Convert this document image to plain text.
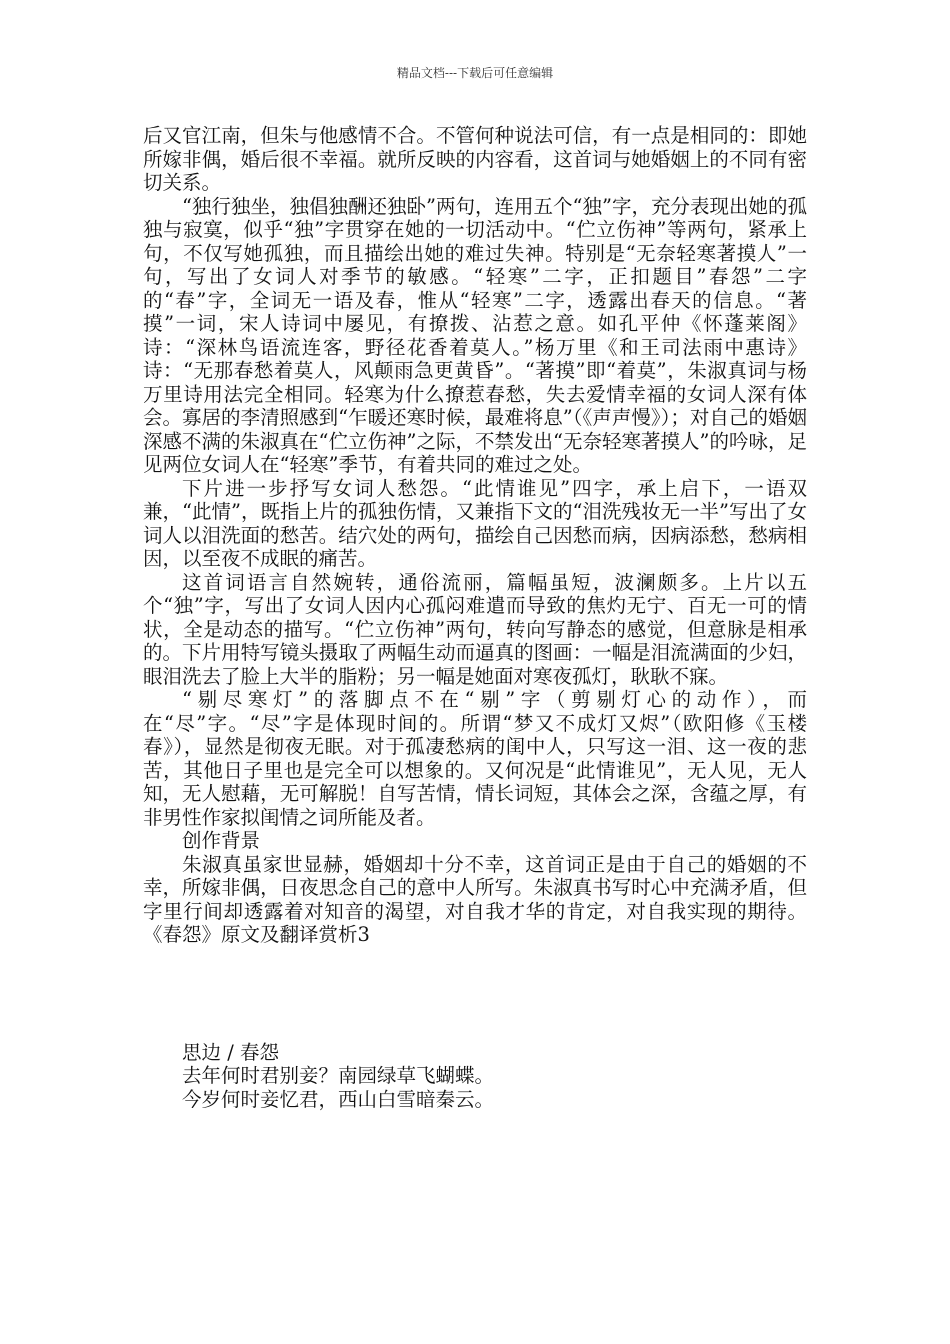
精品文档---下载后可任意编辑

后又官江南，但朱与他感情不合。不管何种说法可信，有一点是相同的：即她所嫁非偶，婚后很不幸福。就所反映的内容看，这首词与她婚姻上的不同有密切关系。

“独行独坐，独倡独酬还独卧”两句，连用五个“独”字，充分表现出她的孤独与寂寞，似乎“独”字贯穿在她的一切活动中。“伫立伤神”等两句，紧承上句，不仅写她孤独，而且描绘出她的难过失神。特别是“无奈轻寒著摸人”一句，写出了女词人对季节的敏感。“轻寒”二字，正扣题目”春怨”二字的“春”字，全词无一语及春，惟从“轻寒”二字，透露出春天的信息。“著摸”一词，宋人诗词中屡见，有撩拨、沾惹之意。如孔平仲《怀蓬莱阁》诗：“深林鸟语流连客，野径花香着莫人。”杨万里《和王司法雨中惠诗》诗：“无那春愁着莫人，风颠雨急更黄昏”。“著摸”即“着莫”，朱淑真词与杨万里诗用法完全相同。轻寒为什么撩惹春愁，失去爱情幸福的女词人深有体会。寡居的李清照感到“乍暖还寒时候，最难将息”（《声声慢》）；对自己的婚姻深感不满的朱淑真在“伫立伤神”之际，不禁发出“无奈轻寒著摸人”的吟咏，足见两位女词人在“轻寒”季节，有着共同的难过之处。

下片进一步抒写女词人愁怨。“此情谁见”四字，承上启下，一语双兼，“此情”，既指上片的孤独伤情，又兼指下文的“泪洗残妆无一半”写出了女词人以泪洗面的愁苦。结穴处的两句，描绘自己因愁而病，因病添愁，愁病相因，以至夜不成眠的痛苦。

这首词语言自然婉转，通俗流丽，篇幅虽短，波澜颇多。上片以五个“独”字，写出了女词人因内心孤闷难遣而导致的焦灼无宁、百无一可的情状，全是动态的描写。“伫立伤神”两句，转向写静态的感觉，但意脉是相承的。下片用特写镜头摄取了两幅生动而逼真的图画：一幅是泪流满面的少妇，眼泪洗去了脸上大半的脂粉；另一幅是她面对寒夜孤灯，耿耿不寐。

“剔尽寒灯”的落脚点不在“剔”字（剪剔灯心的动作），而在“尽”字。“尽”字是体现时间的。所谓“梦又不成灯又烬”（欧阳修《玉楼春》），显然是彻夜无眠。对于孤凄愁病的闺中人，只写这一泪、这一夜的悲苦，其他日子里也是完全可以想象的。又何况是“此情谁见”，无人见，无人知，无人慰藉，无可解脱！自写苦情，情长词短，其体会之深，含蕴之厚，有非男性作家拟闺情之词所能及者。

创作背景

朱淑真虽家世显赫，婚姻却十分不幸，这首词正是由于自己的婚姻的不幸，所嫁非偶，日夜思念自己的意中人所写。朱淑真书写时心中充满矛盾，但字里行间却透露着对知音的渴望，对自我才华的肯定，对自我实现的期待。《春怨》原文及翻译赏析3

思边 / 春怨

去年何时君别妾？南园绿草飞蝴蝶。

今岁何时妾忆君，西山白雪暗秦云。
